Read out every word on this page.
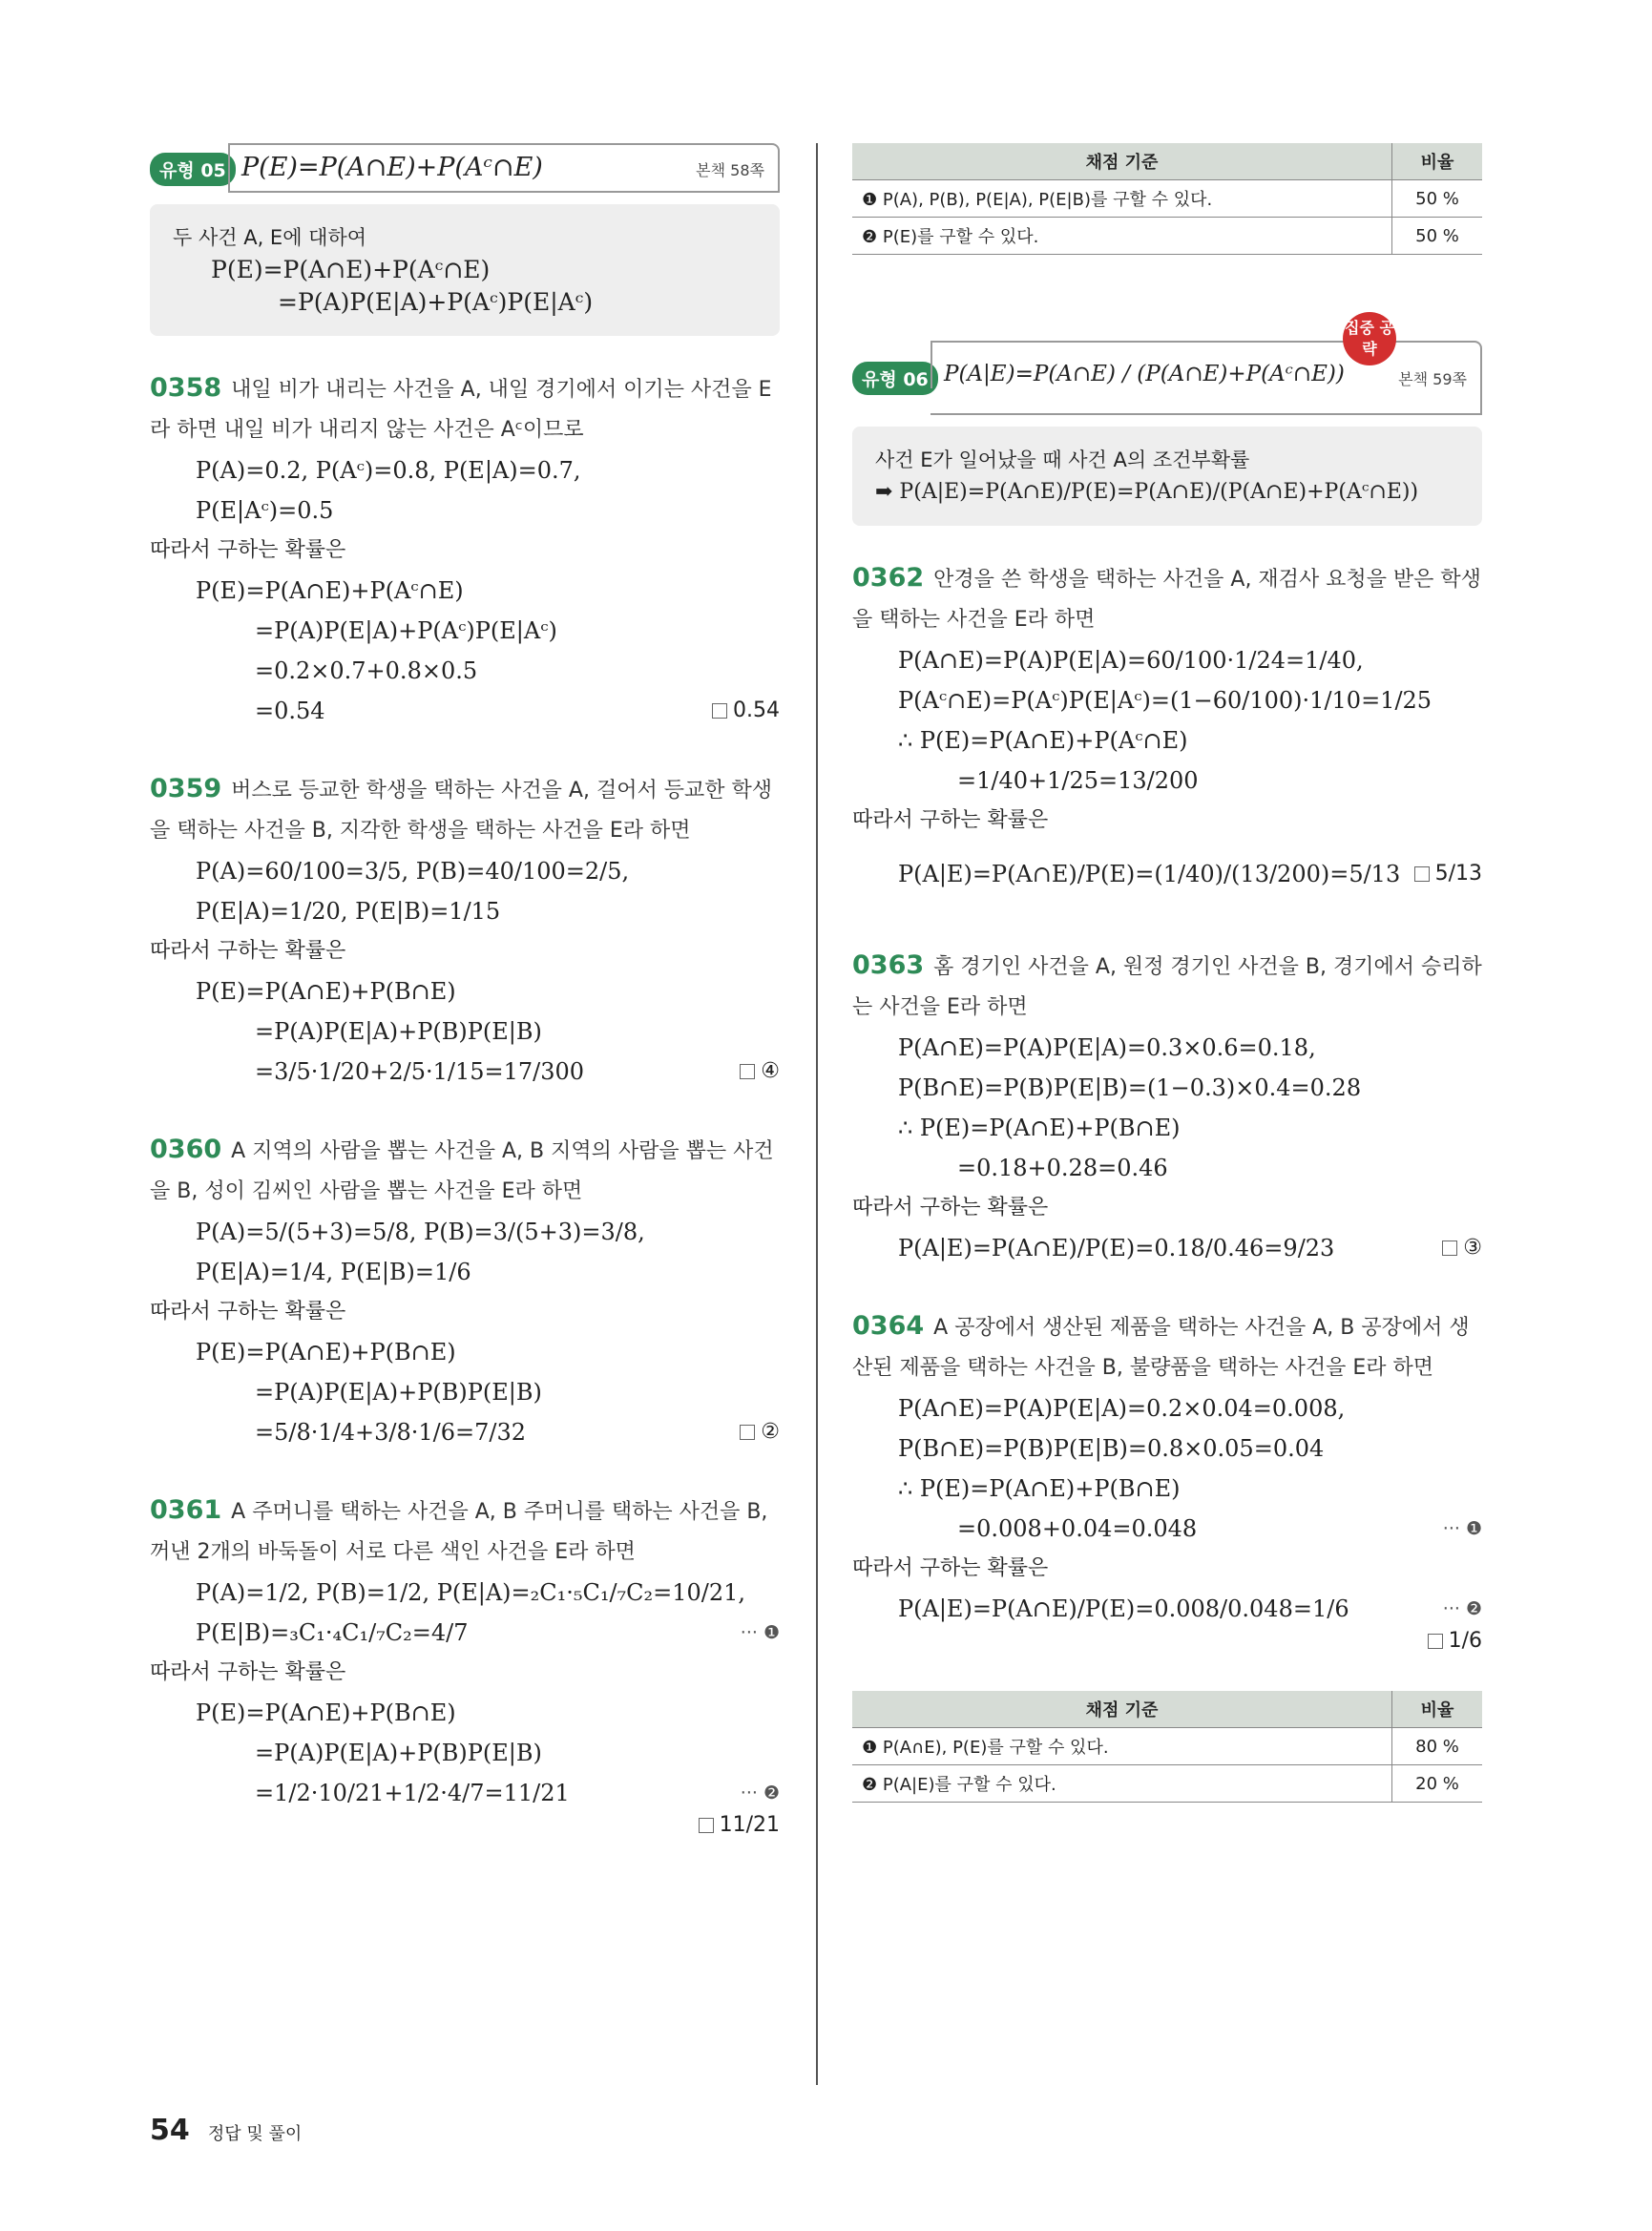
유형 05 P(E)=P(A∩E)+P(Aᶜ∩E)	본책 58쪽
두 사건 A, E에 대하여
P(E)=P(A∩E)+P(Aᶜ∩E)
=P(A)P(E|A)+P(Aᶜ)P(E|Aᶜ)
0358 내일 비가 내리는 사건을 A, 내일 경기에서 이기는 사건을 E라 하면 내일 비가 내리지 않는 사건은 Aᶜ이므로
P(A)=0.2, P(Aᶜ)=0.8, P(E|A)=0.7,
P(E|Aᶜ)=0.5
따라서 구하는 확률은
P(E)=P(A∩E)+P(Aᶜ∩E)
=P(A)P(E|A)+P(Aᶜ)P(E|Aᶜ)
=0.2×0.7+0.8×0.5
=0.54	0.54
0359 버스로 등교한 학생을 택하는 사건을 A, 걸어서 등교한 학생을 택하는 사건을 B, 지각한 학생을 택하는 사건을 E라 하면
P(A)=60/100=3/5, P(B)=40/100=2/5,
P(E|A)=1/20, P(E|B)=1/15
따라서 구하는 확률은
P(E)=P(A∩E)+P(B∩E)
=P(A)P(E|A)+P(B)P(E|B)
=3/5·1/20+2/5·1/15=17/300	④
0360 A 지역의 사람을 뽑는 사건을 A, B 지역의 사람을 뽑는 사건을 B, 성이 김씨인 사람을 뽑는 사건을 E라 하면
P(A)=5/(5+3)=5/8, P(B)=3/(5+3)=3/8,
P(E|A)=1/4, P(E|B)=1/6
따라서 구하는 확률은
P(E)=P(A∩E)+P(B∩E)
=P(A)P(E|A)+P(B)P(E|B)
=5/8·1/4+3/8·1/6=7/32	②
0361 A 주머니를 택하는 사건을 A, B 주머니를 택하는 사건을 B, 꺼낸 2개의 바둑돌이 서로 다른 색인 사건을 E라 하면
P(A)=1/2, P(B)=1/2, P(E|A)=₂C₁·₅C₁/₇C₂=10/21,
P(E|B)=₃C₁·₄C₁/₇C₂=4/7	··· ❶
따라서 구하는 확률은
P(E)=P(A∩E)+P(B∩E)
=P(A)P(E|A)+P(B)P(E|B)
=1/2·10/21+1/2·4/7=11/21	··· ❷
11/21
채점 기준	비율
❶ P(A), P(B), P(E|A), P(E|B)를 구할 수 있다.	50 %
❷ P(E)를 구할 수 있다.	50 %
유형 06 P(A|E)=P(A∩E) / (P(A∩E)+P(Aᶜ∩E))	본책 59쪽
집중 공략
사건 E가 일어났을 때 사건 A의 조건부확률
➡ P(A|E)=P(A∩E)/P(E)=P(A∩E)/(P(A∩E)+P(Aᶜ∩E))
0362 안경을 쓴 학생을 택하는 사건을 A, 재검사 요청을 받은 학생을 택하는 사건을 E라 하면
P(A∩E)=P(A)P(E|A)=60/100·1/24=1/40,
P(Aᶜ∩E)=P(Aᶜ)P(E|Aᶜ)=(1−60/100)·1/10=1/25
∴ P(E)=P(A∩E)+P(Aᶜ∩E)
=1/40+1/25=13/200
따라서 구하는 확률은
P(A|E)=P(A∩E)/P(E)=(1/40)/(13/200)=5/13	5/13
0363 홈 경기인 사건을 A, 원정 경기인 사건을 B, 경기에서 승리하는 사건을 E라 하면
P(A∩E)=P(A)P(E|A)=0.3×0.6=0.18,
P(B∩E)=P(B)P(E|B)=(1−0.3)×0.4=0.28
∴ P(E)=P(A∩E)+P(B∩E)
=0.18+0.28=0.46
따라서 구하는 확률은
P(A|E)=P(A∩E)/P(E)=0.18/0.46=9/23	③
0364 A 공장에서 생산된 제품을 택하는 사건을 A, B 공장에서 생산된 제품을 택하는 사건을 B, 불량품을 택하는 사건을 E라 하면
P(A∩E)=P(A)P(E|A)=0.2×0.04=0.008,
P(B∩E)=P(B)P(E|B)=0.8×0.05=0.04
∴ P(E)=P(A∩E)+P(B∩E)
=0.008+0.04=0.048	··· ❶
따라서 구하는 확률은
P(A|E)=P(A∩E)/P(E)=0.008/0.048=1/6	··· ❷
1/6
채점 기준	비율
❶ P(A∩E), P(E)를 구할 수 있다.	80 %
❷ P(A|E)를 구할 수 있다.	20 %
54 정답 및 풀이
